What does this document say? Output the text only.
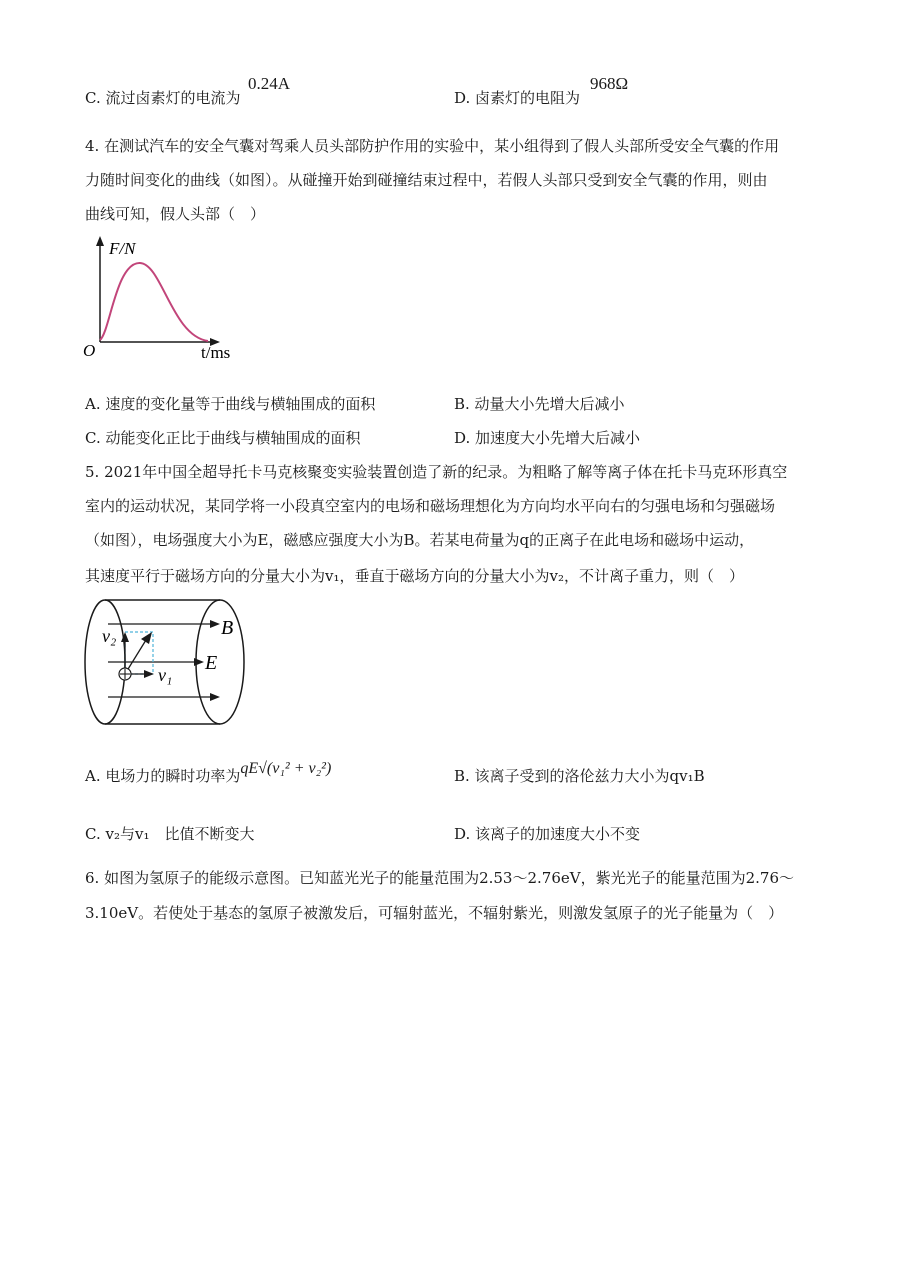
C. 流过卤素灯的电流为
0.24A
D. 卤素灯的电阻为
968Ω
4. 在测试汽车的安全气囊对驾乘人员头部防护作用的实验中，某小组得到了假人头部所受安全气囊的作用
力随时间变化的曲线（如图）。从碰撞开始到碰撞结束过程中，若假人头部只受到安全气囊的作用，则由
曲线可知，假人头部（　）
F/N
O	t/ms
A. 速度的变化量等于曲线与横轴围成的面积	B. 动量大小先增大后减小
C. 动能变化正比于曲线与横轴围成的面积	D. 加速度大小先增大后减小
5. 2021年中国全超导托卡马克核聚变实验装置创造了新的纪录。为粗略了解等离子体在托卡马克环形真空
室内的运动状况，某同学将一小段真空室内的电场和磁场理想化为方向均水平向右的匀强电场和匀强磁场
（如图），电场强度大小为E，磁感应强度大小为B。若某电荷量为q的正离子在此电场和磁场中运动，
其速度平行于磁场方向的分量大小为v₁，垂直于磁场方向的分量大小为v₂，不计离子重力，则（　）
B
E
v₂
v₁
A. 电场力的瞬时功率为qE√(v₁² + v₂²)	B. 该离子受到的洛伦兹力大小为qv₁B
C. v₂与v₁　比值不断变大	D. 该离子的加速度大小不变
6. 如图为氢原子的能级示意图。已知蓝光光子的能量范围为2.53～2.76eV，紫光光子的能量范围为2.76～
3.10eV。若使处于基态的氢原子被激发后，可辐射蓝光，不辐射紫光，则激发氢原子的光子能量为（　）
